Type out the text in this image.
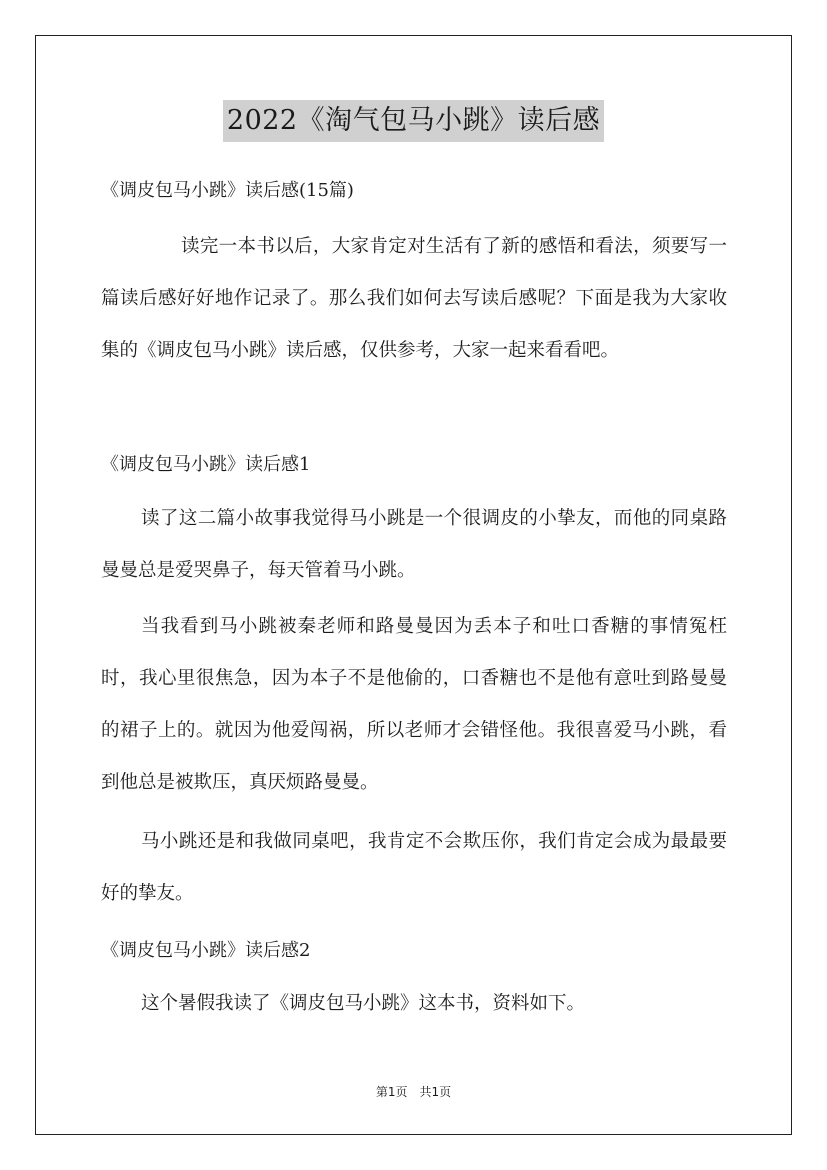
2022《淘气包马小跳》读后感

《调皮包马小跳》读后感(15篇)

读完一本书以后，大家肯定对生活有了新的感悟和看法，须要写一篇读后感好好地作记录了。那么我们如何去写读后感呢？下面是我为大家收集的《调皮包马小跳》读后感，仅供参考，大家一起来看看吧。

《调皮包马小跳》读后感1

读了这二篇小故事我觉得马小跳是一个很调皮的小挚友，而他的同桌路曼曼总是爱哭鼻子，每天管着马小跳。

当我看到马小跳被秦老师和路曼曼因为丢本子和吐口香糖的事情冤枉时，我心里很焦急，因为本子不是他偷的，口香糖也不是他有意吐到路曼曼的裙子上的。就因为他爱闯祸，所以老师才会错怪他。我很喜爱马小跳，看到他总是被欺压，真厌烦路曼曼。

马小跳还是和我做同桌吧，我肯定不会欺压你，我们肯定会成为最最要好的挚友。

《调皮包马小跳》读后感2

这个暑假我读了《调皮包马小跳》这本书，资料如下。

第1页　共1页
